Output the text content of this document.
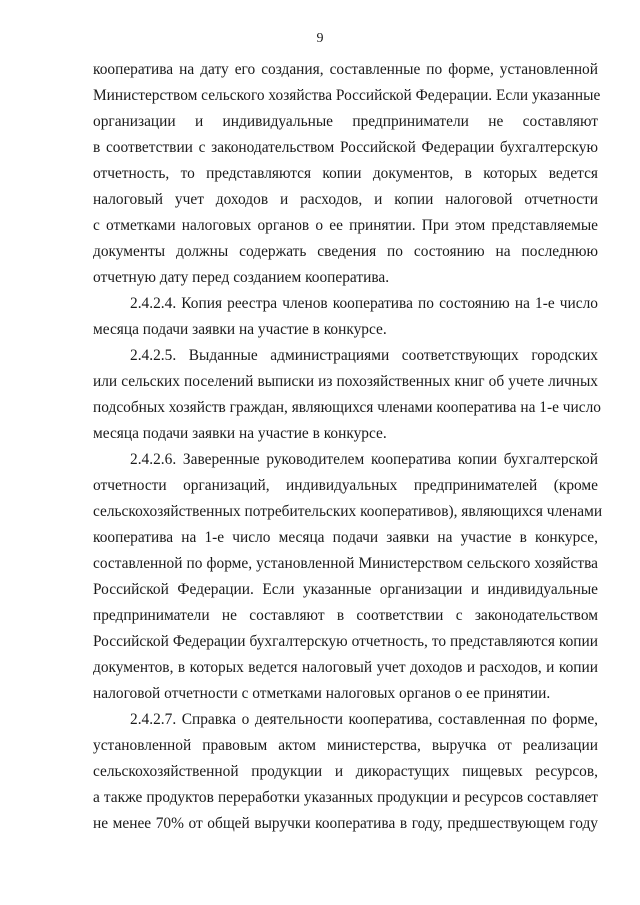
9
кооператива на дату его создания, составленные по форме, установленной
Министерством сельского хозяйства Российской Федерации. Если указанные
организации и индивидуальные предприниматели не составляют
в соответствии с законодательством Российской Федерации бухгалтерскую
отчетность, то представляются копии документов, в которых ведется
налоговый учет доходов и расходов, и копии налоговой отчетности
с отметками налоговых органов о ее принятии. При этом представляемые
документы должны содержать сведения по состоянию на последнюю
отчетную дату перед созданием кооператива.
2.4.2.4. Копия реестра членов кооператива по состоянию на 1-е число
месяца подачи заявки на участие в конкурсе.
2.4.2.5. Выданные администрациями соответствующих городских
или сельских поселений выписки из похозяйственных книг об учете личных
подсобных хозяйств граждан, являющихся членами кооператива на 1-е число
месяца подачи заявки на участие в конкурсе.
2.4.2.6. Заверенные руководителем кооператива копии бухгалтерской
отчетности организаций, индивидуальных предпринимателей (кроме
сельскохозяйственных потребительских кооперативов), являющихся членами
кооператива на 1-е число месяца подачи заявки на участие в конкурсе,
составленной по форме, установленной Министерством сельского хозяйства
Российской Федерации. Если указанные организации и индивидуальные
предприниматели не составляют в соответствии с законодательством
Российской Федерации бухгалтерскую отчетность, то представляются копии
документов, в которых ведется налоговый учет доходов и расходов, и копии
налоговой отчетности с отметками налоговых органов о ее принятии.
2.4.2.7. Справка о деятельности кооператива, составленная по форме,
установленной правовым актом министерства, выручка от реализации
сельскохозяйственной продукции и дикорастущих пищевых ресурсов,
а также продуктов переработки указанных продукции и ресурсов составляет
не менее 70% от общей выручки кооператива в году, предшествующем году
